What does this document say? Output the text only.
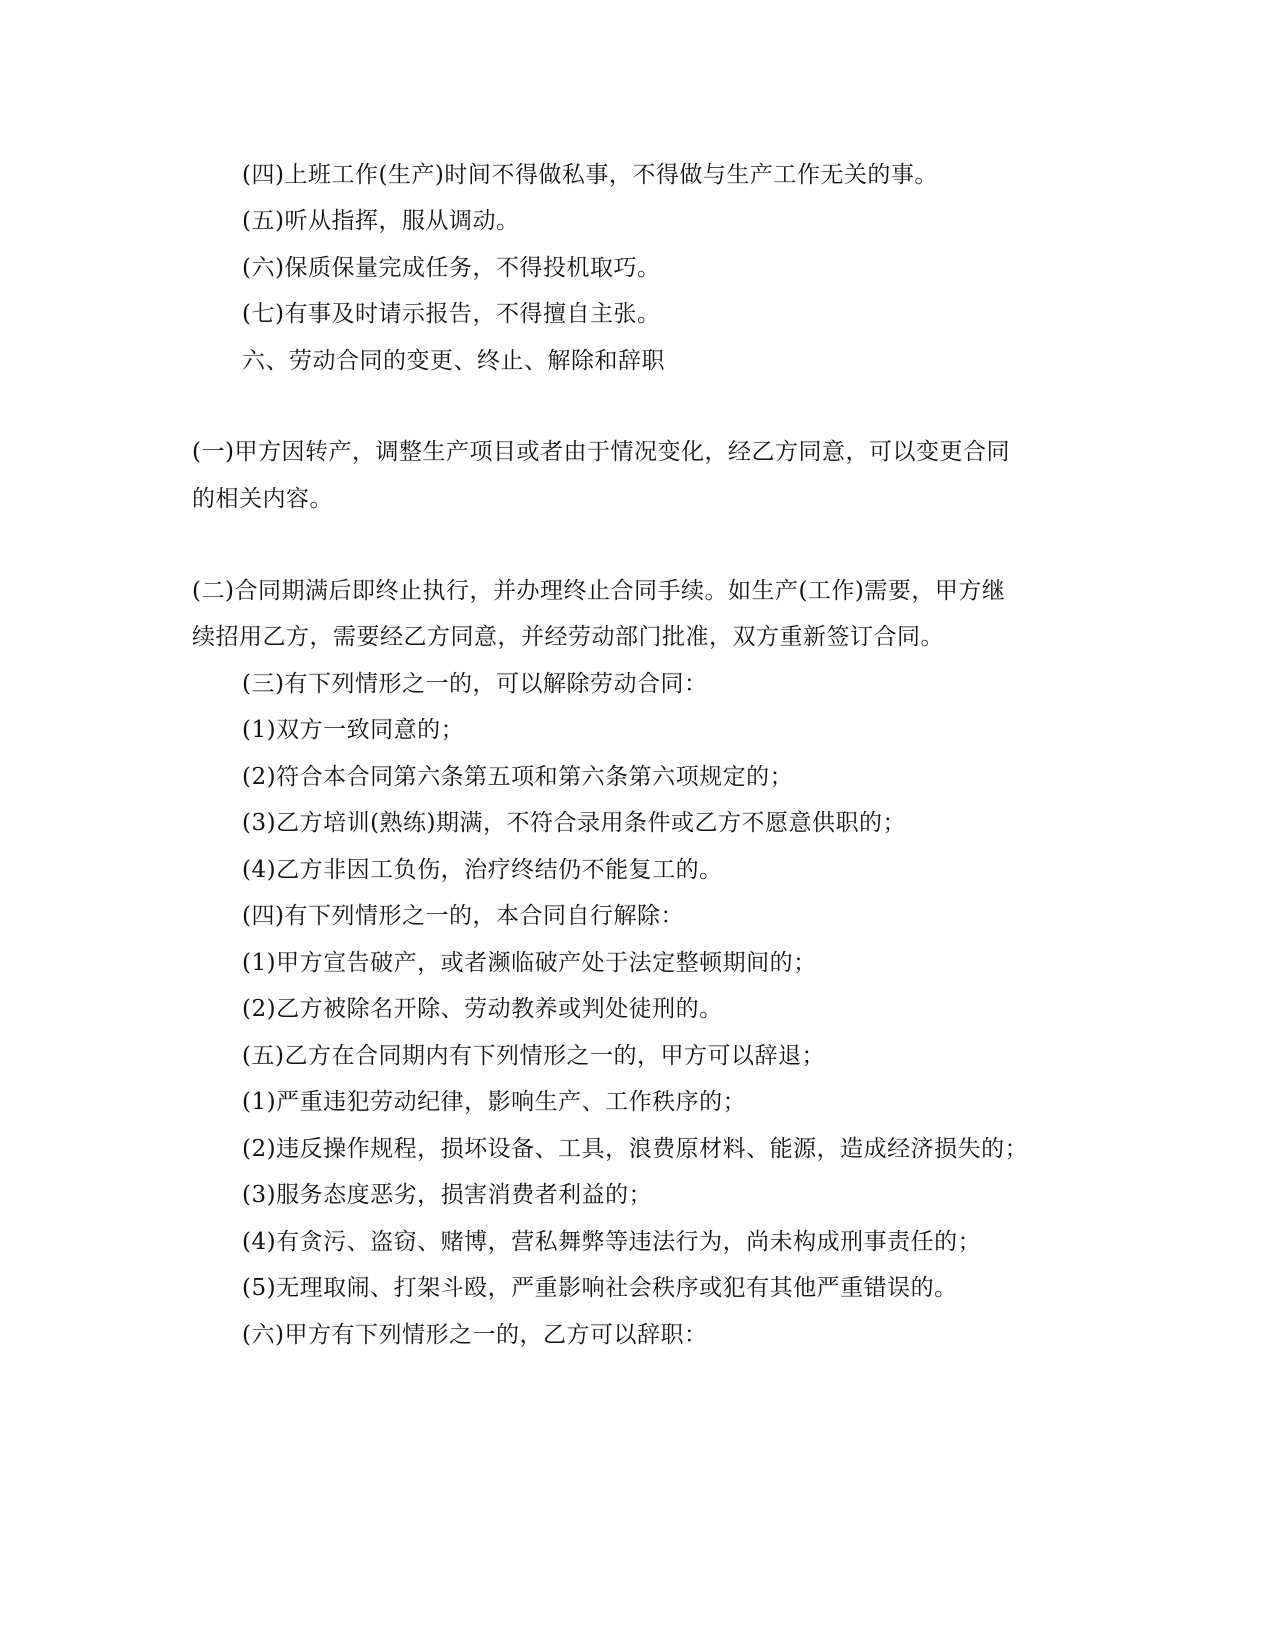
(四)上班工作(生产)时间不得做私事，不得做与生产工作无关的事。
(五)听从指挥，服从调动。
(六)保质保量完成任务，不得投机取巧。
(七)有事及时请示报告，不得擅自主张。
六、劳动合同的变更、终止、解除和辞职
(一)甲方因转产，调整生产项目或者由于情况变化，经乙方同意，可以变更合同
的相关内容。
(二)合同期满后即终止执行，并办理终止合同手续。如生产(工作)需要，甲方继
续招用乙方，需要经乙方同意，并经劳动部门批准，双方重新签订合同。
(三)有下列情形之一的，可以解除劳动合同：
(1)双方一致同意的；
(2)符合本合同第六条第五项和第六条第六项规定的；
(3)乙方培训(熟练)期满，不符合录用条件或乙方不愿意供职的；
(4)乙方非因工负伤，治疗终结仍不能复工的。
(四)有下列情形之一的，本合同自行解除：
(1)甲方宣告破产，或者濒临破产处于法定整顿期间的；
(2)乙方被除名开除、劳动教养或判处徒刑的。
(五)乙方在合同期内有下列情形之一的，甲方可以辞退；
(1)严重违犯劳动纪律，影响生产、工作秩序的；
(2)违反操作规程，损坏设备、工具，浪费原材料、能源，造成经济损失的；
(3)服务态度恶劣，损害消费者利益的；
(4)有贪污、盗窃、赌博，营私舞弊等违法行为，尚未构成刑事责任的；
(5)无理取闹、打架斗殴，严重影响社会秩序或犯有其他严重错误的。
(六)甲方有下列情形之一的，乙方可以辞职：
